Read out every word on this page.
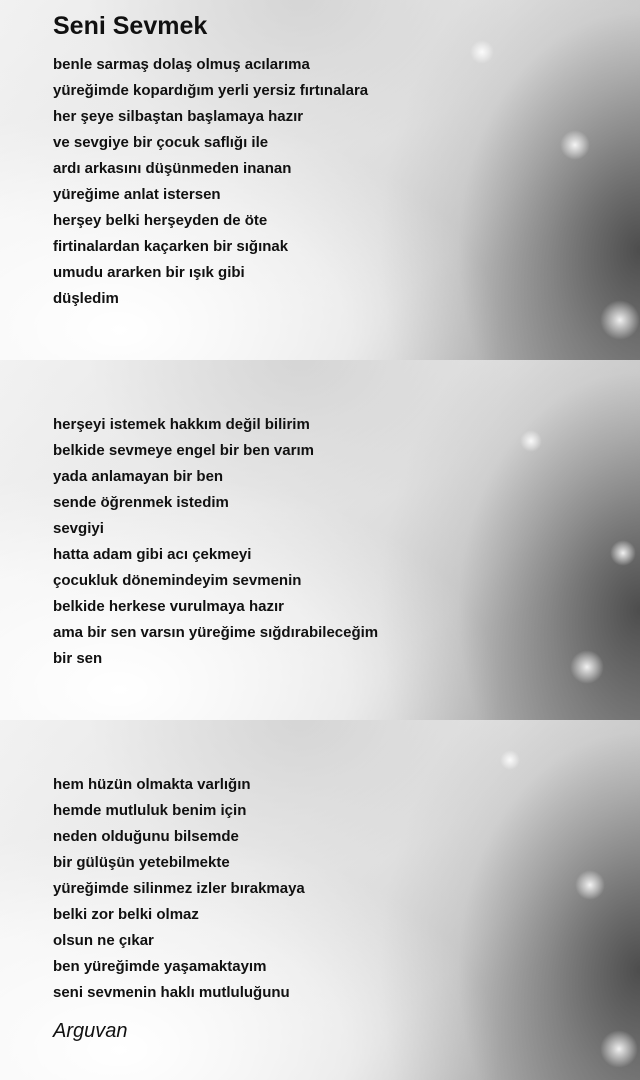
Seni Sevmek
benle sarmaş dolaş olmuş acılarıma
yüreğimde kopardığım yerli yersiz fırtınalara
her şeye silbaştan başlamaya hazır
ve sevgiye bir çocuk saflığı ile
ardı arkasını düşünmeden inanan
yüreğime anlat istersen
herşey belki herşeyden de öte
firtinalardan kaçarken bir sığınak
umudu ararken bir ışık gibi
düşledim
herşeyi istemek hakkım değil bilirim
belkide sevmeye engel bir ben varım
yada anlamayan bir ben
sende öğrenmek istedim
sevgiyi
hatta adam gibi acı çekmeyi
çocukluk dönemindeyim sevmenin
belkide herkese vurulmaya hazır
ama bir sen varsın yüreğime sığdırabileceğim
bir sen
hem hüzün olmakta varlığın
hemde mutluluk benim için
neden olduğunu bilsemde
bir gülüşün yetebilmekte
yüreğimde silinmez izler bırakmaya
belki zor belki olmaz
olsun ne çıkar
ben yüreğimde yaşamaktayım
seni sevmenin haklı mutluluğunu
Arguvan
